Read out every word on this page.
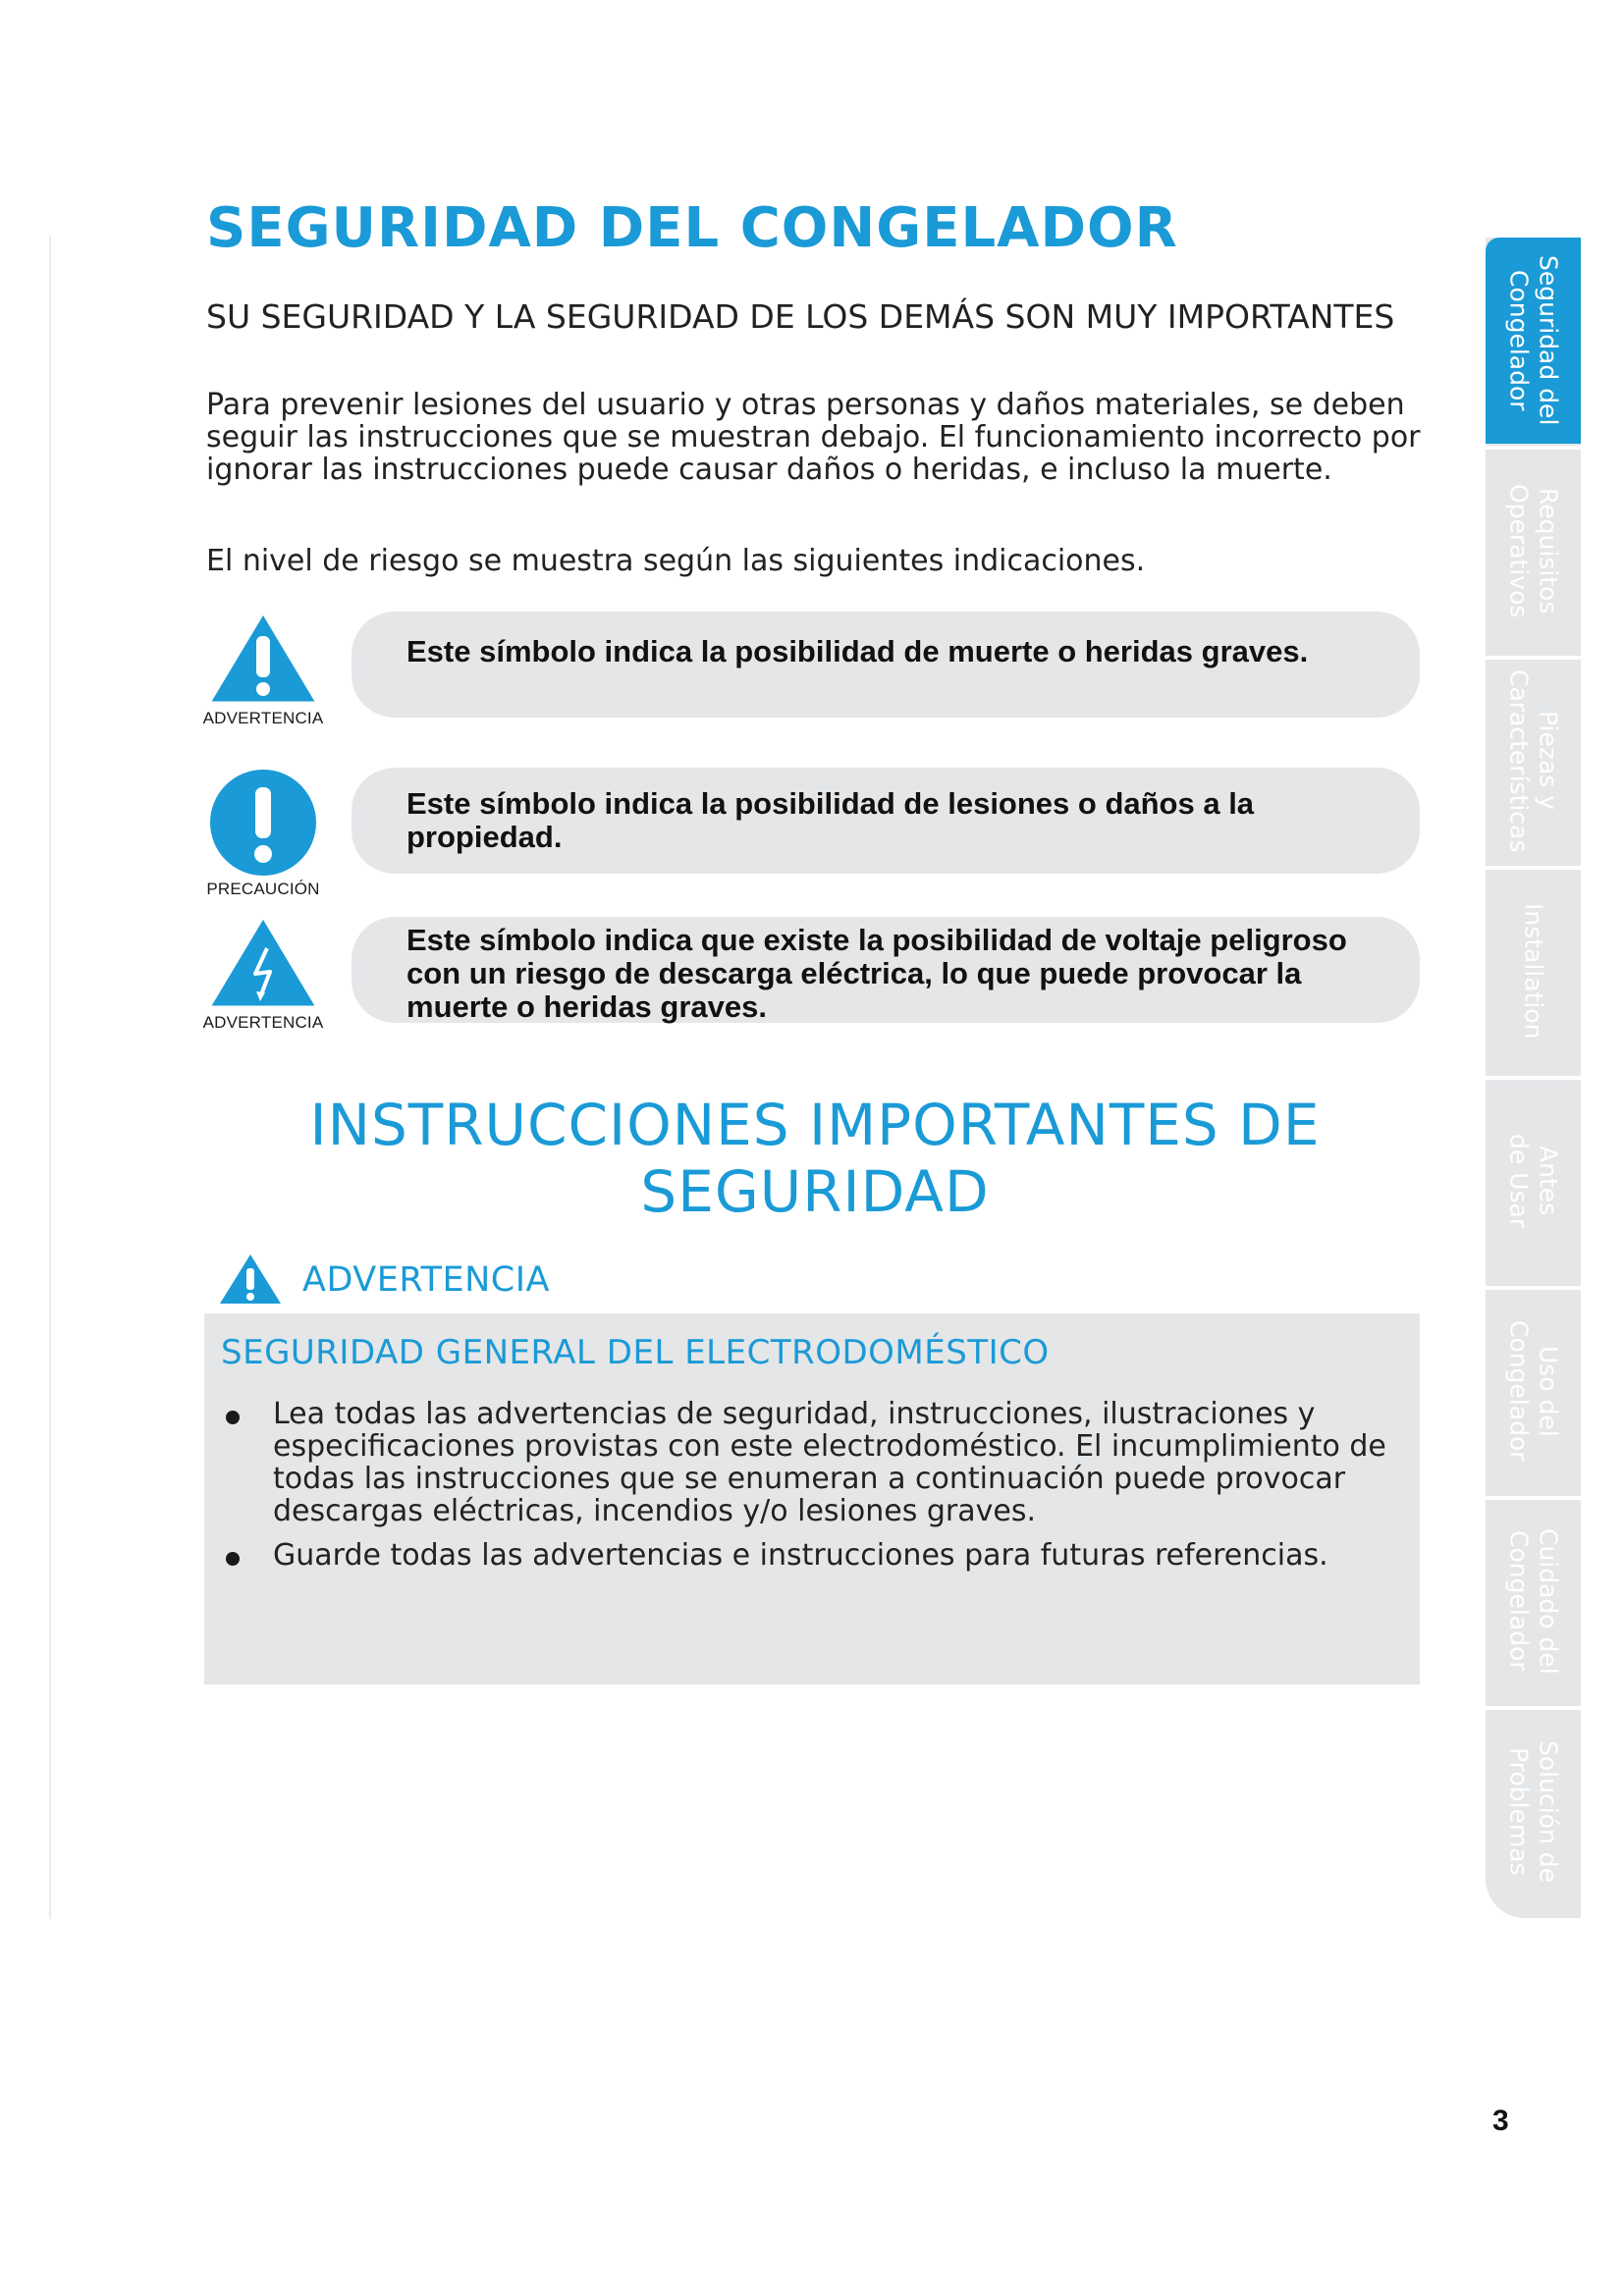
SEGURIDAD DEL CONGELADOR
SU SEGURIDAD Y LA SEGURIDAD DE LOS DEMÁS SON MUY IMPORTANTES

Para prevenir lesiones del usuario y otras personas y daños materiales, se deben seguir las instrucciones que se muestran debajo. El funcionamiento incorrecto por ignorar las instrucciones puede causar daños o heridas, e incluso la muerte.

El nivel de riesgo se muestra según las siguientes indicaciones.

ADVERTENCIA
Este símbolo indica la posibilidad de muerte o heridas graves.
PRECAUCIÓN
Este símbolo indica la posibilidad de lesiones o daños a la propiedad.
ADVERTENCIA
Este símbolo indica que existe la posibilidad de voltaje peligroso con un riesgo de descarga eléctrica, lo que puede provocar la muerte o heridas graves.
INSTRUCCIONES IMPORTANTES DE SEGURIDAD
ADVERTENCIA
SEGURIDAD GENERAL DEL ELECTRODOMÉSTICO
Lea todas las advertencias de seguridad, instrucciones, ilustraciones y especificaciones provistas con este electrodoméstico. El incumplimiento de todas las instrucciones que se enumeran a continuación puede provocar descargas eléctricas, incendios y/o lesiones graves.
Guarde todas las advertencias e instrucciones para futuras referencias.
Seguridad del
Congelador
Requisitos
Operativos
Piezas y
Características
Installation
Antes
de Usar
Uso del
Congelador
Cuidado del
Congelador
Solución de
Problemas
3
